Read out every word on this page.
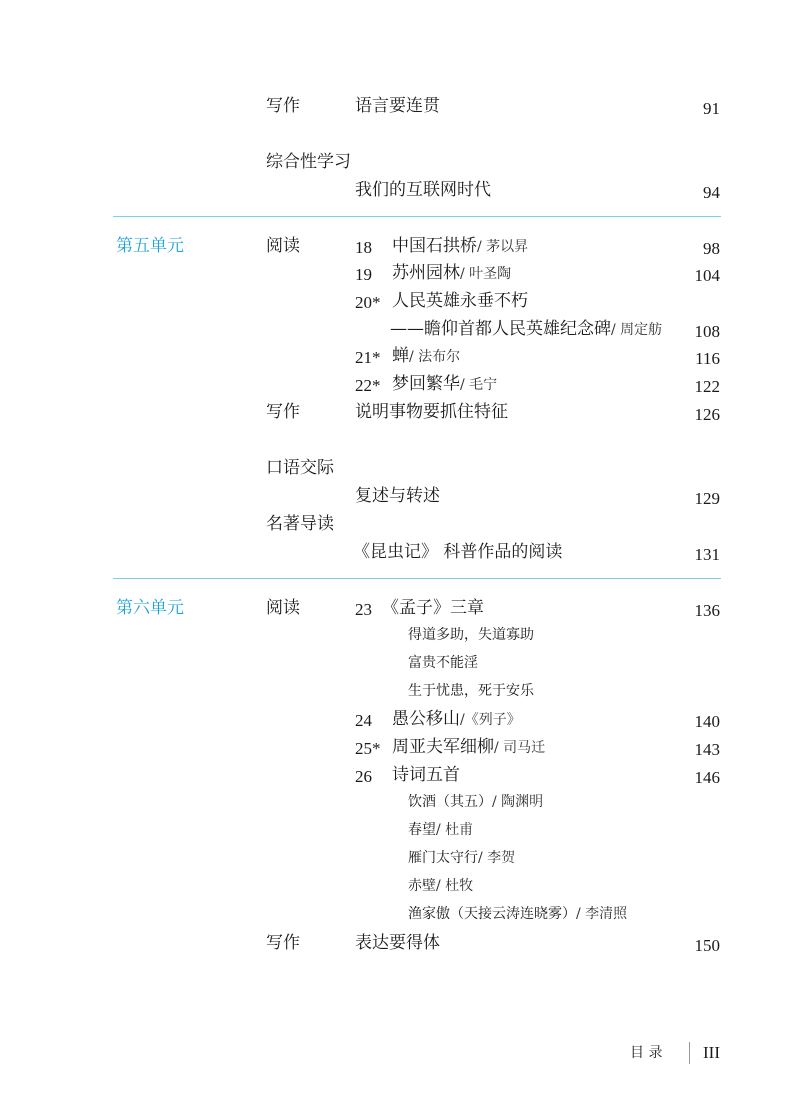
写作	语言要连贯	91
综合性学习
我们的互联网时代	94
第五单元	阅读	18 中国石拱桥/ 茅以昇	98
19 苏州园林/ 叶圣陶	104
20* 人民英雄永垂不朽
——瞻仰首都人民英雄纪念碑/ 周定舫 108
21* 蝉/ 法布尔	116
22* 梦回繁华/ 毛宁	122
写作	说明事物要抓住特征	126
口语交际
复述与转述	129
名著导读
《昆虫记》 科普作品的阅读	131
第六单元	阅读	23 《孟子》三章	136
得道多助，失道寡助
富贵不能淫
生于忧患，死于安乐
24 愚公移山/《列子》	140
25* 周亚夫军细柳/ 司马迁	143
26 诗词五首	146
饮酒（其五）/ 陶渊明
春望/ 杜甫
雁门太守行/ 李贺
赤壁/ 杜牧
渔家傲（天接云涛连晓雾）/ 李清照
写作	表达要得体	150
目 录 III
